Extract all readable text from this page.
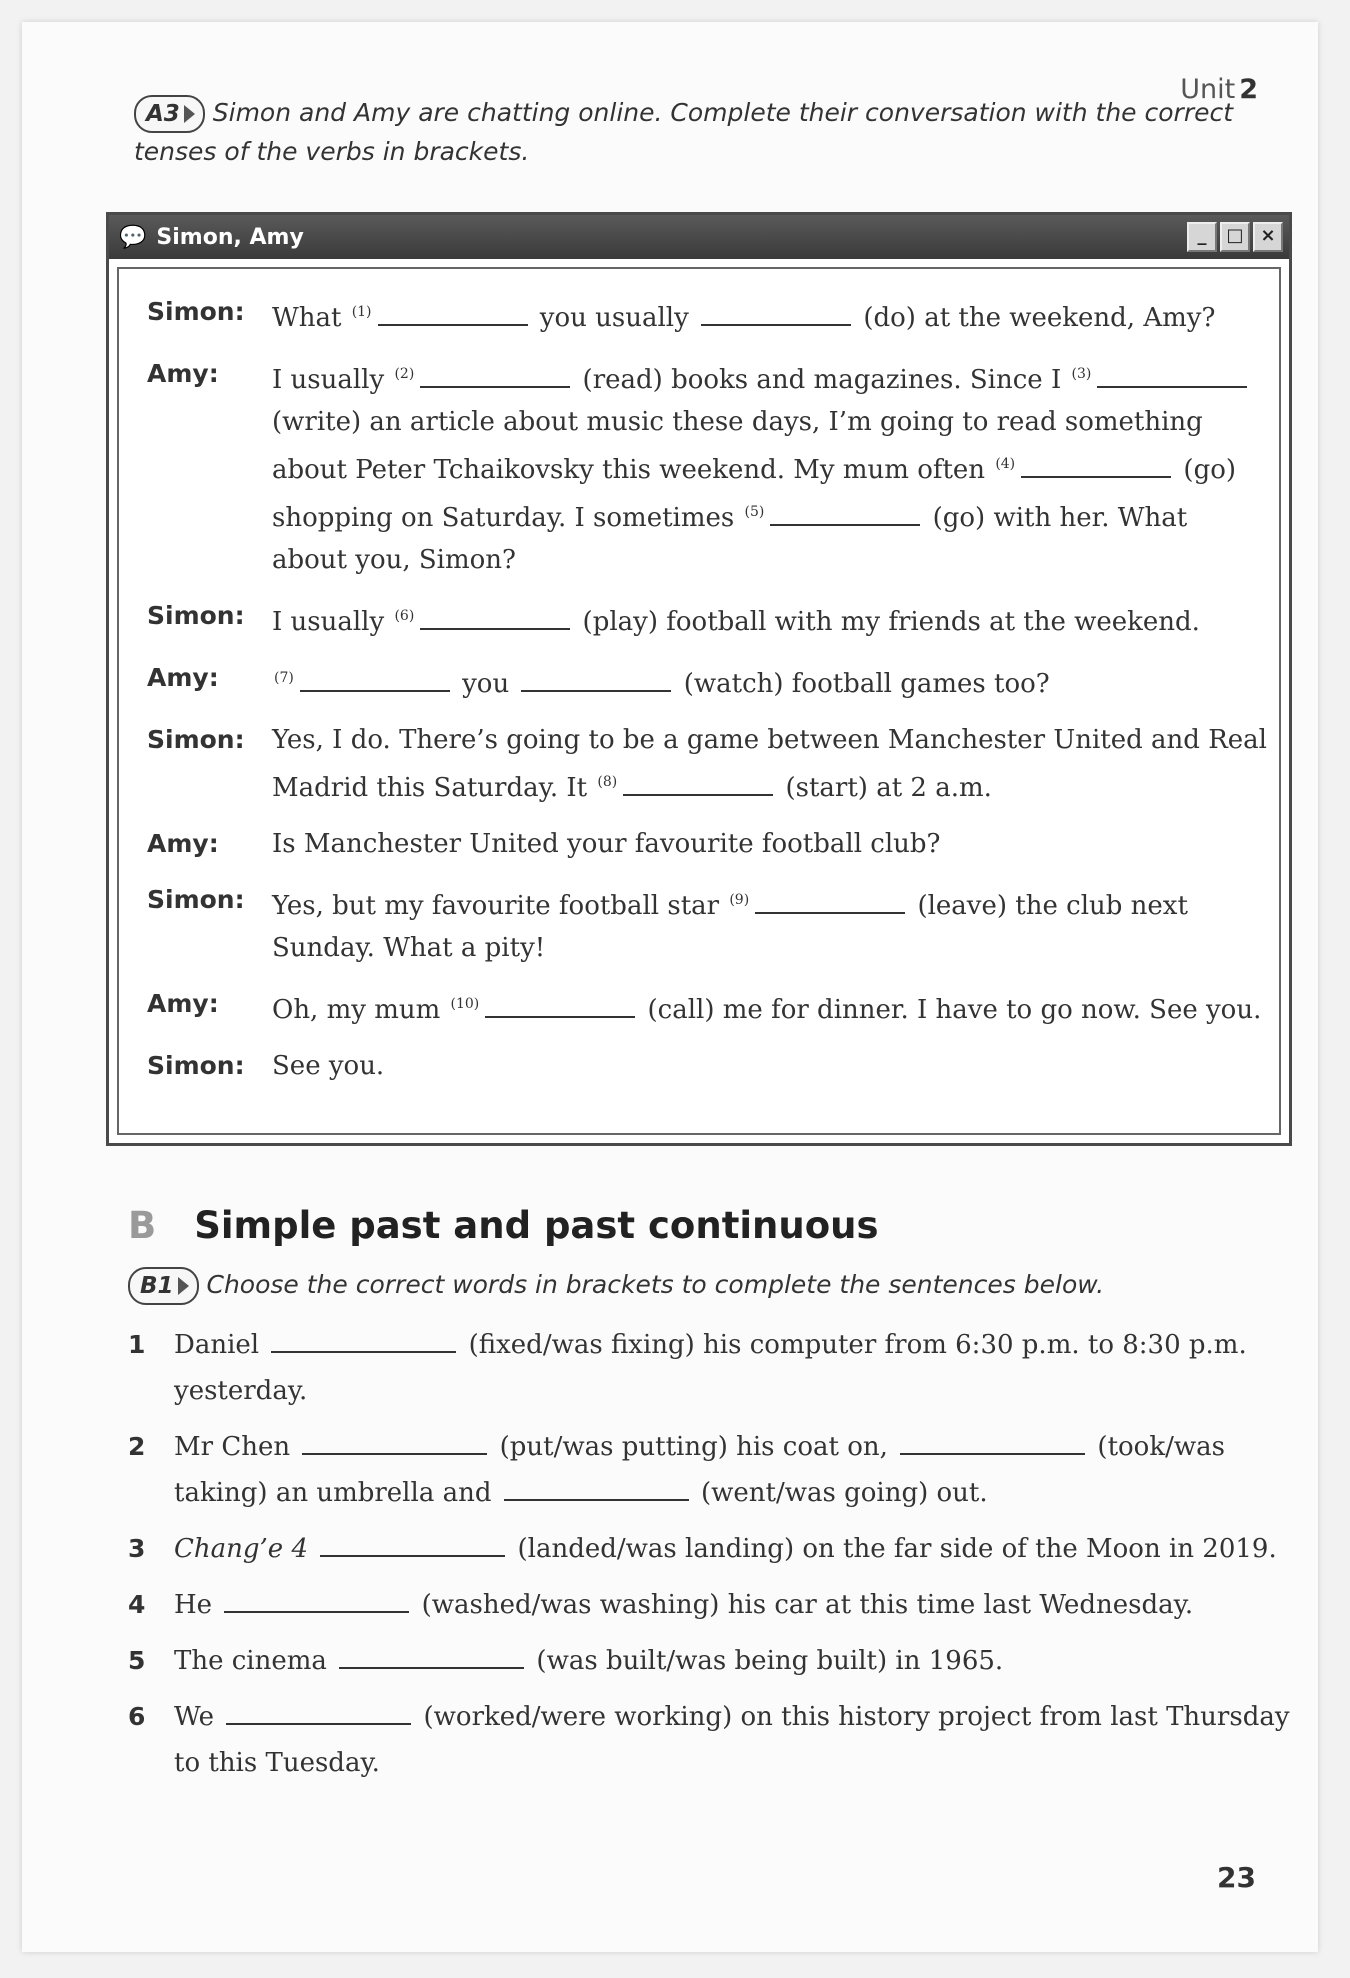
Unit 2
A3 Simon and Amy are chatting online. Complete their conversation with the correct tenses of the verbs in brackets.
💬 Simon, Amy	_	□ ×
Simon:	What $^{(1)}$	you usually	(do) at the weekend, Amy?
Amy:	I usually $^{(2)}$	(read) books and magazines. Since I $^{(3)}$ (write) an article about music these days, I’m going to read something about Peter Tchaikovsky this weekend. My mum often $^{(4)}$	(go) shopping on Saturday. I sometimes $^{(5)}$	(go) with her. What about you, Simon?
Simon:	I usually $^{(6)}$	(play) football with my friends at the weekend.
Amy:	$^{(7)}$	you	(watch) football games too?
Simon:	Yes, I do. There’s going to be a game between Manchester United and Real Madrid this Saturday. It $^{(8)}$	(start) at 2 a.m.
Amy:	Is Manchester United your favourite football club?
Simon:	Yes, but my favourite football star $^{(9)}$	(leave) the club next Sunday. What a pity!
Amy:	Oh, my mum $^{(10)}$	(call) me for dinner. I have to go now. See you.
Simon:	See you.
B Simple past and past continuous
B1 Choose the correct words in brackets to complete the sentences below.
1	Daniel	(fixed/was fixing) his computer from 6:30 p.m. to 8:30 p.m. yesterday.
2	Mr Chen	(put/was putting) his coat on,	(took/was taking) an umbrella and	(went/was going) out.
3	Chang’e 4	(landed/was landing) on the far side of the Moon in 2019.
4	He	(washed/was washing) his car at this time last Wednesday.
5	The cinema	(was built/was being built) in 1965.
6	We	(worked/were working) on this history project from last Thursday to this Tuesday.
23
